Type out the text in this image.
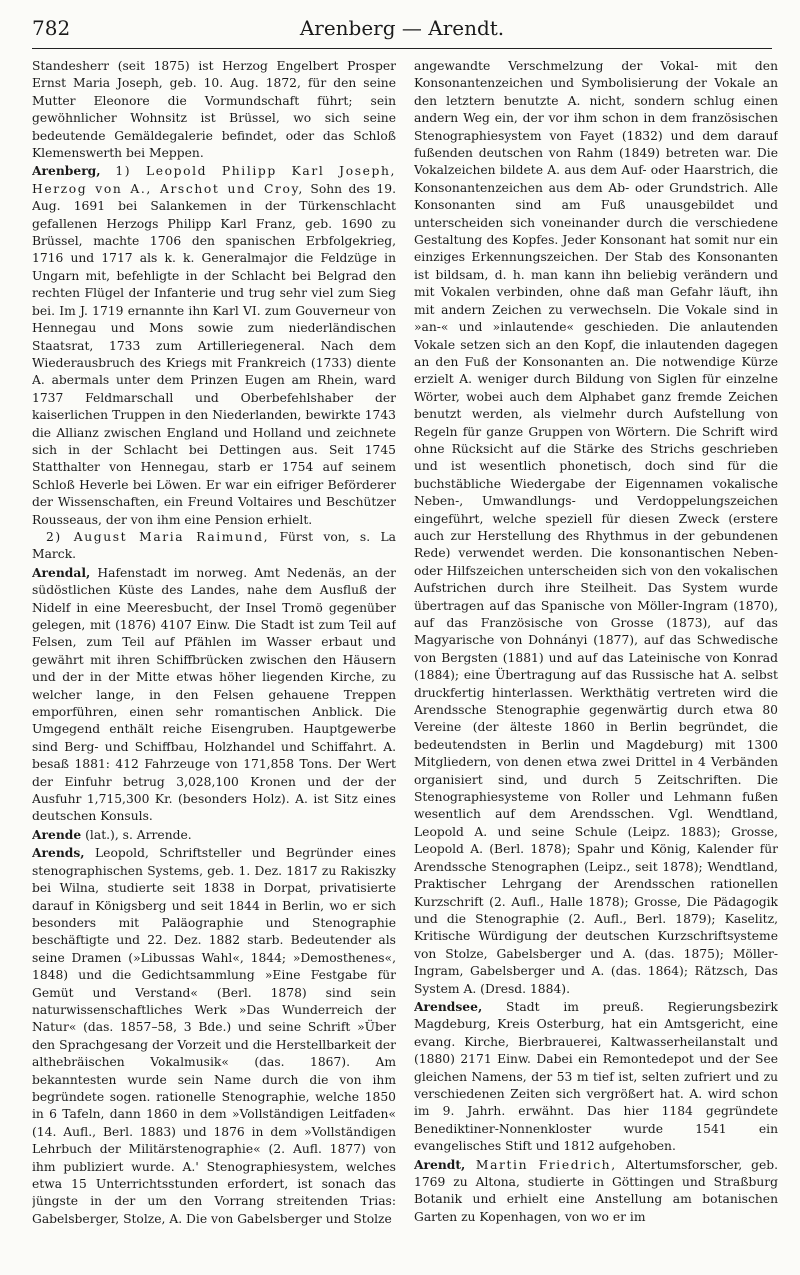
782	Arenberg — Arendt.

Standesherr (seit 1875) ist Herzog Engelbert Prosper Ernst Maria Joseph, geb. 10. Aug. 1872, für den seine Mutter Eleonore die Vormundschaft führt; sein gewöhnlicher Wohnsitz ist Brüssel, wo sich seine bedeutende Gemäldegalerie befindet, oder das Schloß Klemenswerth bei Meppen.

Arenberg, 1) Leopold Philipp Karl Joseph, Herzog von A., Arschot und Croy, Sohn des 19. Aug. 1691 bei Salankemen in der Türkenschlacht gefallenen Herzogs Philipp Karl Franz, geb. 1690 zu Brüssel, machte 1706 den spanischen Erbfolgekrieg, 1716 und 1717 als k. k. Generalmajor die Feldzüge in Ungarn mit, befehligte in der Schlacht bei Belgrad den rechten Flügel der Infanterie und trug sehr viel zum Sieg bei. Im J. 1719 ernannte ihn Karl VI. zum Gouverneur von Hennegau und Mons sowie zum niederländischen Staatsrat, 1733 zum Artilleriegeneral. Nach dem Wiederausbruch des Kriegs mit Frankreich (1733) diente A. abermals unter dem Prinzen Eugen am Rhein, ward 1737 Feldmarschall und Oberbefehlshaber der kaiserlichen Truppen in den Niederlanden, bewirkte 1743 die Allianz zwischen England und Holland und zeichnete sich in der Schlacht bei Dettingen aus. Seit 1745 Statthalter von Hennegau, starb er 1754 auf seinem Schloß Heverle bei Löwen. Er war ein eifriger Beförderer der Wissenschaften, ein Freund Voltaires und Beschützer Rousseaus, der von ihm eine Pension erhielt.

2) August Maria Raimund, Fürst von, s. La Marck.

Arendal, Hafenstadt im norweg. Amt Nedenäs, an der südöstlichen Küste des Landes, nahe dem Ausfluß der Nidelf in eine Meeresbucht, der Insel Tromö gegenüber gelegen, mit (1876) 4107 Einw. Die Stadt ist zum Teil auf Felsen, zum Teil auf Pfählen im Wasser erbaut und gewährt mit ihren Schiffbrücken zwischen den Häusern und der in der Mitte etwas höher liegenden Kirche, zu welcher lange, in den Felsen gehauene Treppen emporführen, einen sehr romantischen Anblick. Die Umgegend enthält reiche Eisengruben. Hauptgewerbe sind Berg- und Schiffbau, Holzhandel und Schiffahrt. A. besaß 1881: 412 Fahrzeuge von 171,858 Tons. Der Wert der Einfuhr betrug 3,028,100 Kronen und der der Ausfuhr 1,715,300 Kr. (besonders Holz). A. ist Sitz eines deutschen Konsuls.

Arende (lat.), s. Arrende.

Arends, Leopold, Schriftsteller und Begründer eines stenographischen Systems, geb. 1. Dez. 1817 zu Rakiszky bei Wilna, studierte seit 1838 in Dorpat, privatisierte darauf in Königsberg und seit 1844 in Berlin, wo er sich besonders mit Paläographie und Stenographie beschäftigte und 22. Dez. 1882 starb. Bedeutender als seine Dramen (»Libussas Wahl«, 1844; »Demosthenes«, 1848) und die Gedichtsammlung »Eine Festgabe für Gemüt und Verstand« (Berl. 1878) sind sein naturwissenschaftliches Werk »Das Wunderreich der Natur« (das. 1857–58, 3 Bde.) und seine Schrift »Über den Sprachgesang der Vorzeit und die Herstellbarkeit der althebräischen Vokalmusik« (das. 1867). Am bekanntesten wurde sein Name durch die von ihm begründete sogen. rationelle Stenographie, welche 1850 in 6 Tafeln, dann 1860 in dem »Vollständigen Leitfaden« (14. Aufl., Berl. 1883) und 1876 in dem »Vollständigen Lehrbuch der Militärstenographie« (2. Aufl. 1877) von ihm publiziert wurde. A.' Stenographiesystem, welches etwa 15 Unterrichtsstunden erfordert, ist sonach das jüngste in der um den Vorrang streitenden Trias: Gabelsberger, Stolze, A. Die von Gabelsberger und Stolze

angewandte Verschmelzung der Vokal- mit den Konsonantenzeichen und Symbolisierung der Vokale an den letztern benutzte A. nicht, sondern schlug einen andern Weg ein, der vor ihm schon in dem französischen Stenographiesystem von Fayet (1832) und dem darauf fußenden deutschen von Rahm (1849) betreten war. Die Vokalzeichen bildete A. aus dem Auf- oder Haarstrich, die Konsonantenzeichen aus dem Ab- oder Grundstrich. Alle Konsonanten sind am Fuß unausgebildet und unterscheiden sich voneinander durch die verschiedene Gestaltung des Kopfes. Jeder Konsonant hat somit nur ein einziges Erkennungszeichen. Der Stab des Konsonanten ist bildsam, d. h. man kann ihn beliebig verändern und mit Vokalen verbinden, ohne daß man Gefahr läuft, ihn mit andern Zeichen zu verwechseln. Die Vokale sind in »an-« und »inlautende« geschieden. Die anlautenden Vokale setzen sich an den Kopf, die inlautenden dagegen an den Fuß der Konsonanten an. Die notwendige Kürze erzielt A. weniger durch Bildung von Siglen für einzelne Wörter, wobei auch dem Alphabet ganz fremde Zeichen benutzt werden, als vielmehr durch Aufstellung von Regeln für ganze Gruppen von Wörtern. Die Schrift wird ohne Rücksicht auf die Stärke des Strichs geschrieben und ist wesentlich phonetisch, doch sind für die buchstäbliche Wiedergabe der Eigennamen vokalische Neben-, Umwandlungs- und Verdoppelungszeichen eingeführt, welche speziell für diesen Zweck (erstere auch zur Herstellung des Rhythmus in der gebundenen Rede) verwendet werden. Die konsonantischen Neben- oder Hilfszeichen unterscheiden sich von den vokalischen Aufstrichen durch ihre Steilheit. Das System wurde übertragen auf das Spanische von Möller-Ingram (1870), auf das Französische von Grosse (1873), auf das Magyarische von Dohnányi (1877), auf das Schwedische von Bergsten (1881) und auf das Lateinische von Konrad (1884); eine Übertragung auf das Russische hat A. selbst druckfertig hinterlassen. Werkthätig vertreten wird die Arendssche Stenographie gegenwärtig durch etwa 80 Vereine (der älteste 1860 in Berlin begründet, die bedeutendsten in Berlin und Magdeburg) mit 1300 Mitgliedern, von denen etwa zwei Drittel in 4 Verbänden organisiert sind, und durch 5 Zeitschriften. Die Stenographiesysteme von Roller und Lehmann fußen wesentlich auf dem Arendsschen. Vgl. Wendtland, Leopold A. und seine Schule (Leipz. 1883); Grosse, Leopold A. (Berl. 1878); Spahr und König, Kalender für Arendssche Stenographen (Leipz., seit 1878); Wendtland, Praktischer Lehrgang der Arendsschen rationellen Kurzschrift (2. Aufl., Halle 1878); Grosse, Die Pädagogik und die Stenographie (2. Aufl., Berl. 1879); Kaselitz, Kritische Würdigung der deutschen Kurzschriftsysteme von Stolze, Gabelsberger und A. (das. 1875); Möller-Ingram, Gabelsberger und A. (das. 1864); Rätzsch, Das System A. (Dresd. 1884).

Arendsee, Stadt im preuß. Regierungsbezirk Magdeburg, Kreis Osterburg, hat ein Amtsgericht, eine evang. Kirche, Bierbrauerei, Kaltwasserheilanstalt und (1880) 2171 Einw. Dabei ein Remontedepot und der See gleichen Namens, der 53 m tief ist, selten zufriert und zu verschiedenen Zeiten sich vergrößert hat. A. wird schon im 9. Jahrh. erwähnt. Das hier 1184 gegründete Benediktiner-Nonnenkloster wurde 1541 ein evangelisches Stift und 1812 aufgehoben.

Arendt, Martin Friedrich, Altertumsforscher, geb. 1769 zu Altona, studierte in Göttingen und Straßburg Botanik und erhielt eine Anstellung am botanischen Garten zu Kopenhagen, von wo er im
